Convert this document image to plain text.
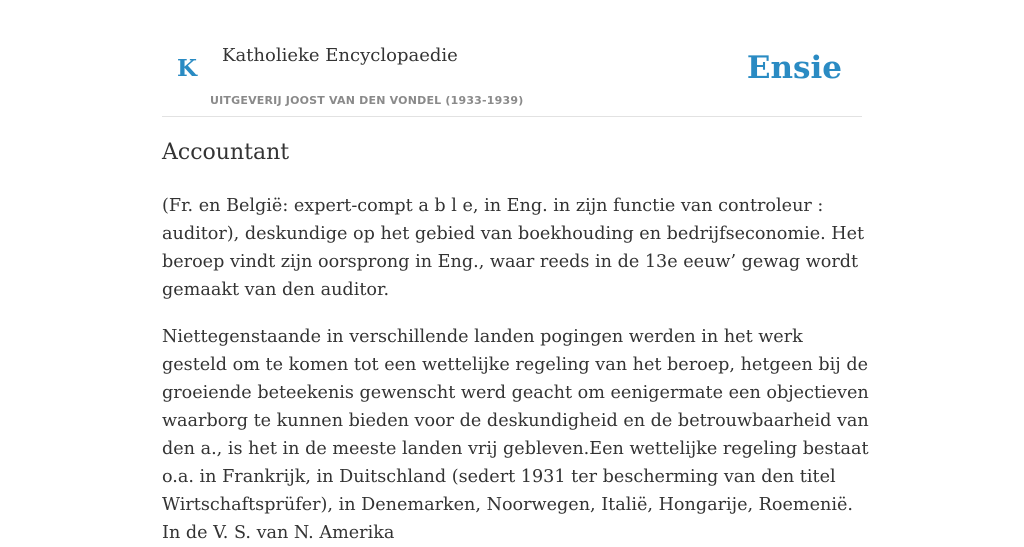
K Katholieke Encyclopaedie
UITGEVERIJ JOOST VAN DEN VONDEL (1933-1939)
Ensie
Accountant

(Fr. en België: expert-compt a b l e, in Eng. in zijn functie van controleur : auditor), deskundige op het gebied van boekhouding en bedrijfseconomie. Het beroep vindt zijn oorsprong in Eng., waar reeds in de 13e eeuw’ gewag wordt gemaakt van den auditor.

Niettegenstaande in verschillende landen pogingen werden in het werk gesteld om te komen tot een wettelijke regeling van het beroep, hetgeen bij de groeiende beteekenis gewenscht werd geacht om eenigermate een objectieven waarborg te kunnen bieden voor de deskundigheid en de betrouwbaarheid van den a., is het in de meeste landen vrij gebleven.Een wettelijke regeling bestaat o.a. in Frankrijk, in Duitschland (sedert 1931 ter bescherming van den titel Wirtschaftsprüfer), in Denemarken, Noorwegen, Italië, Hongarije, Roemenië. In de V. S. van N. Amerika
